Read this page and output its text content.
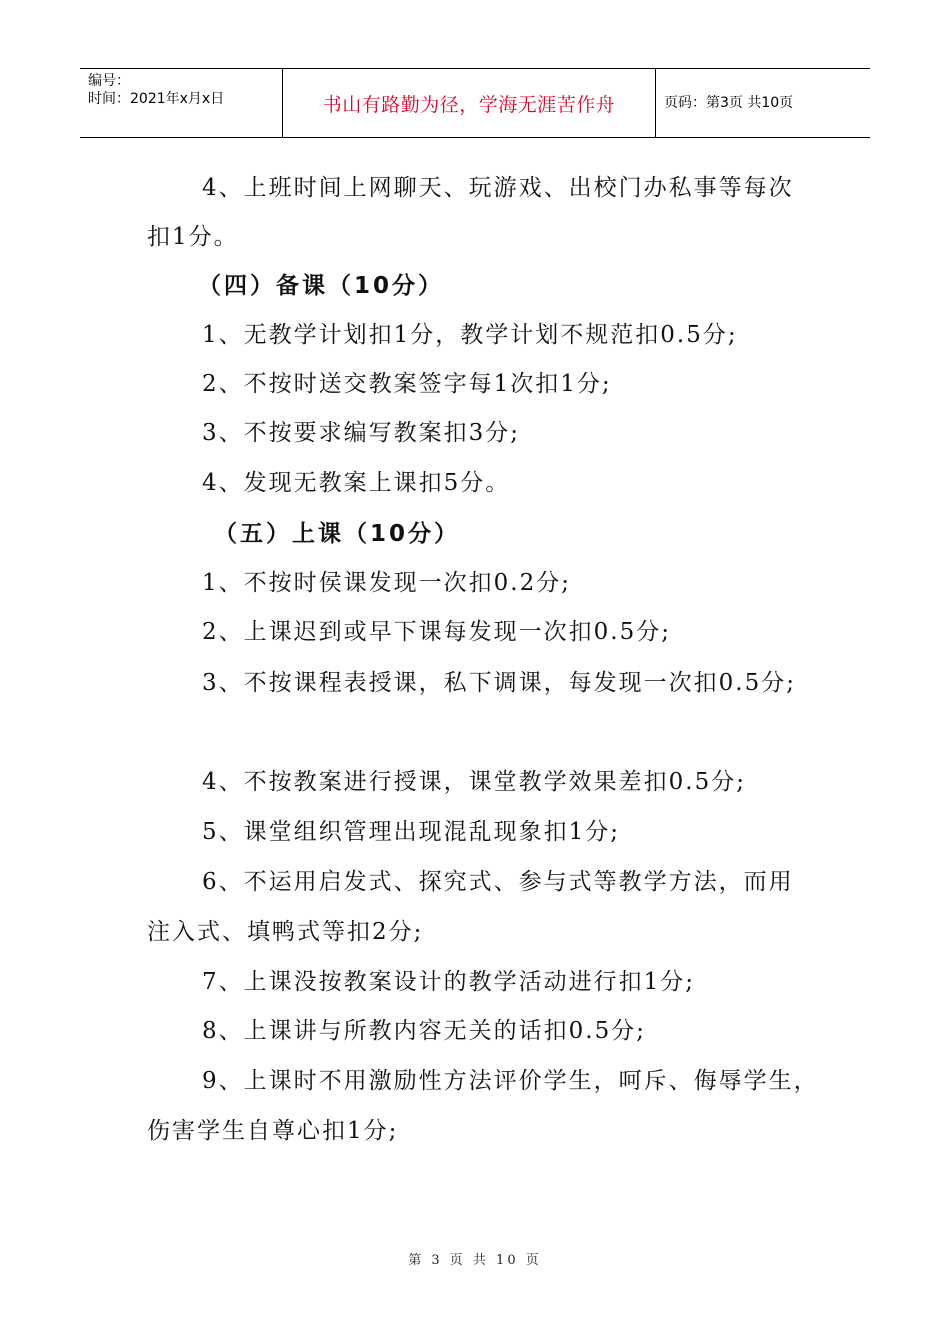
编号：
时间：2021年x月x日	书山有路勤为径，学海无涯苦作舟	页码：第3页 共10页
4、上班时间上网聊天、玩游戏、出校门办私事等每次
扣1分。
（四）备课（10分）
1、无教学计划扣1分，教学计划不规范扣0.5分;
2、不按时送交教案签字每1次扣1分;
3、不按要求编写教案扣3分;
4、发现无教案上课扣5分。
（五）上课（10分）
1、不按时侯课发现一次扣0.2分;
2、上课迟到或早下课每发现一次扣0.5分;
3、不按课程表授课，私下调课，每发现一次扣0.5分;
4、不按教案进行授课，课堂教学效果差扣0.5分;
5、课堂组织管理出现混乱现象扣1分;
6、不运用启发式、探究式、参与式等教学方法，而用
注入式、填鸭式等扣2分;
7、上课没按教案设计的教学活动进行扣1分;
8、上课讲与所教内容无关的话扣0.5分;
9、上课时不用激励性方法评价学生，呵斥、侮辱学生，
伤害学生自尊心扣1分;
第 3 页 共 10 页
